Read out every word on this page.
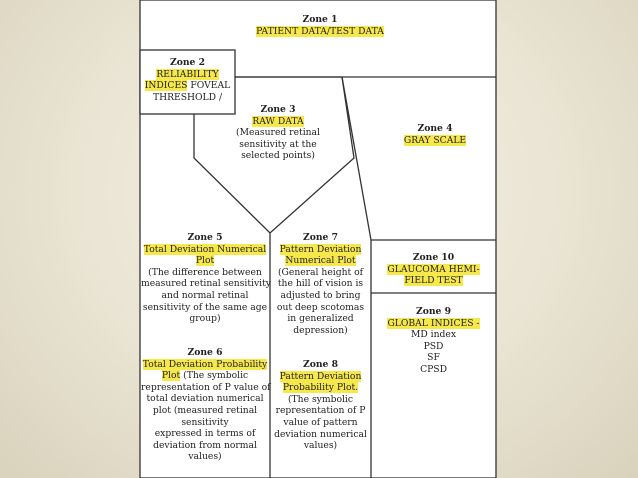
Zone 1
PATIENT DATA/TEST DATA
Zone 2
RELIABILITY
INDICES FOVEAL
THRESHOLD /
Zone 3
RAW DATA
(Measured retinal
sensitivity at the
selected points)
Zone 4
GRAY SCALE
Zone 5
Total Deviation Numerical
Plot
(The difference between
measured retinal sensitivity
and normal retinal
sensitivity of the same age
group)
Zone 6
Total Deviation Probability
Plot (The symbolic
representation of P value of
total deviation numerical
plot (measured retinal
sensitivity
expressed in terms of
deviation from normal
values)
Zone 7
Pattern Deviation
Numerical Plot
(General height of
the hill of vision is
adjusted to bring
out deep scotomas
in generalized
depression)
Zone 8
Pattern Deviation
Probability Plot.
(The symbolic
representation of P
value of pattern
deviation numerical
values)
Zone 10
GLAUCOMA HEMI-
FIELD TEST
Zone 9
GLOBAL INDICES -
MD index
PSD
SF
CPSD
